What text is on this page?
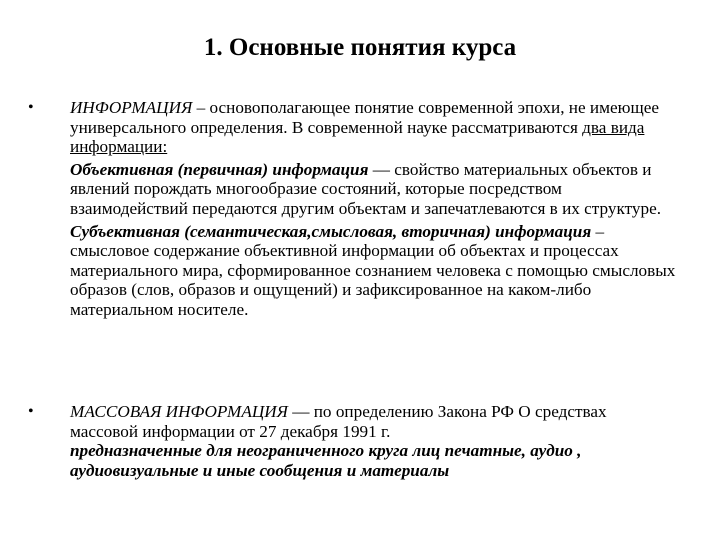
1. Основные понятия курса
•	ИНФОРМАЦИЯ – основополагающее понятие современной эпохи, не имеющее универсального определения. В современной науке рассматриваются два вида информации:

Объективная (первичная) информация — свойство материальных объектов и явлений порождать многообразие состояний, которые посредством взаимодействий передаются другим объектам и запечатлеваются в их структуре.

Субъективная (семантическая,смысловая, вторичная) информация – смысловое содержание объективной информации об объектах и процессах материального мира, сформированное сознанием человека с помощью смысловых образов (слов, образов и ощущений) и зафиксированное на каком-либо материальном носителе.

•	МАССОВАЯ ИНФОРМАЦИЯ — по определению Закона РФ О средствах массовой информации от 27 декабря 1991 г.

предназначенные для неограниченного круга лиц печатные, аудио , аудиовизуальные и иные сообщения и материалы
